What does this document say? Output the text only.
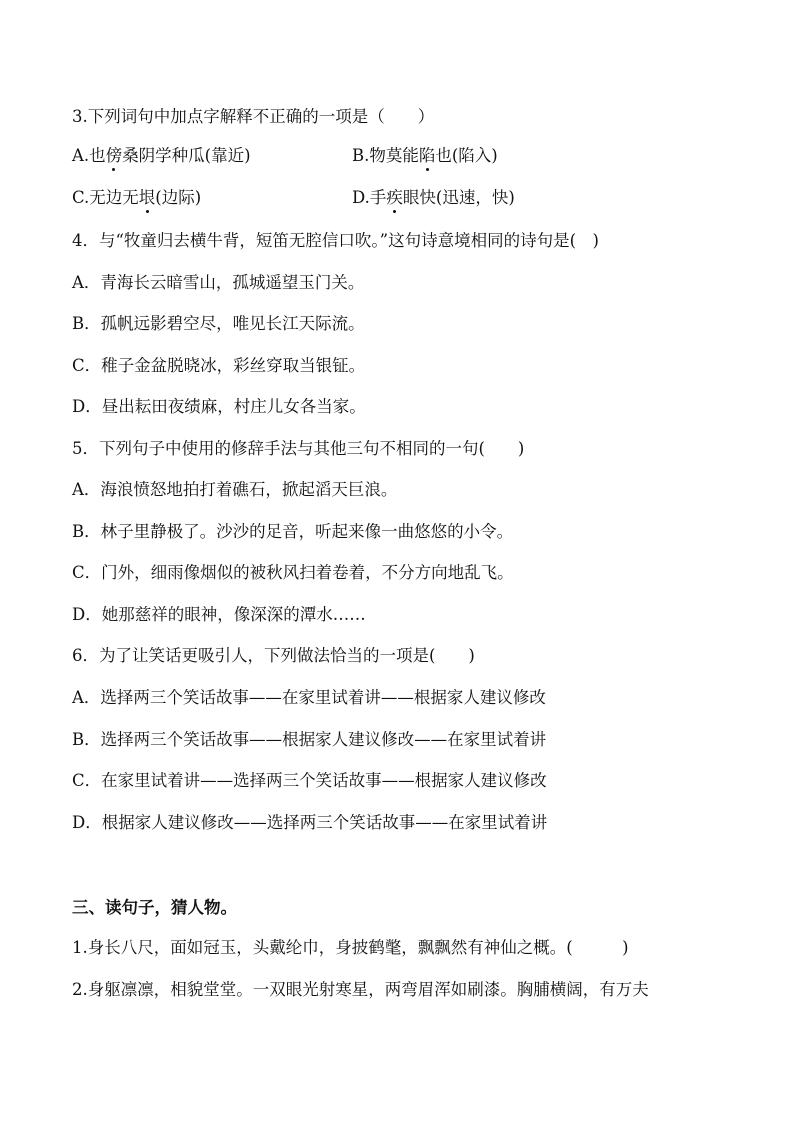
3.下列词句中加点字解释不正确的一项是（　　）
A.也傍桑阴学种瓜(靠近)	B.物莫能陷也(陷入)
C.无边无垠(边际)	D.手疾眼快(迅速，快)
4．与“牧童归去横牛背，短笛无腔信口吹。”这句诗意境相同的诗句是(　)
A．青海长云暗雪山，孤城遥望玉门关。
B．孤帆远影碧空尽，唯见长江天际流。
C．稚子金盆脱晓冰，彩丝穿取当银钲。
D．昼出耘田夜绩麻，村庄儿女各当家。
5．下列句子中使用的修辞手法与其他三句不相同的一句(　　)
A．海浪愤怒地拍打着礁石，掀起滔天巨浪。
B．林子里静极了。沙沙的足音，听起来像一曲悠悠的小令。
C．门外，细雨像烟似的被秋风扫着卷着，不分方向地乱飞。
D．她那慈祥的眼神，像深深的潭水……
6．为了让笑话更吸引人，下列做法恰当的一项是(　　)
A．选择两三个笑话故事——在家里试着讲——根据家人建议修改
B．选择两三个笑话故事——根据家人建议修改——在家里试着讲
C．在家里试着讲——选择两三个笑话故事——根据家人建议修改
D．根据家人建议修改——选择两三个笑话故事——在家里试着讲
三、读句子，猜人物。
1.身长八尺，面如冠玉，头戴纶巾，身披鹤氅，飘飘然有神仙之概。(　　　)
2.身躯凛凛，相貌堂堂。一双眼光射寒星，两弯眉浑如刷漆。胸脯横阔，有万夫
